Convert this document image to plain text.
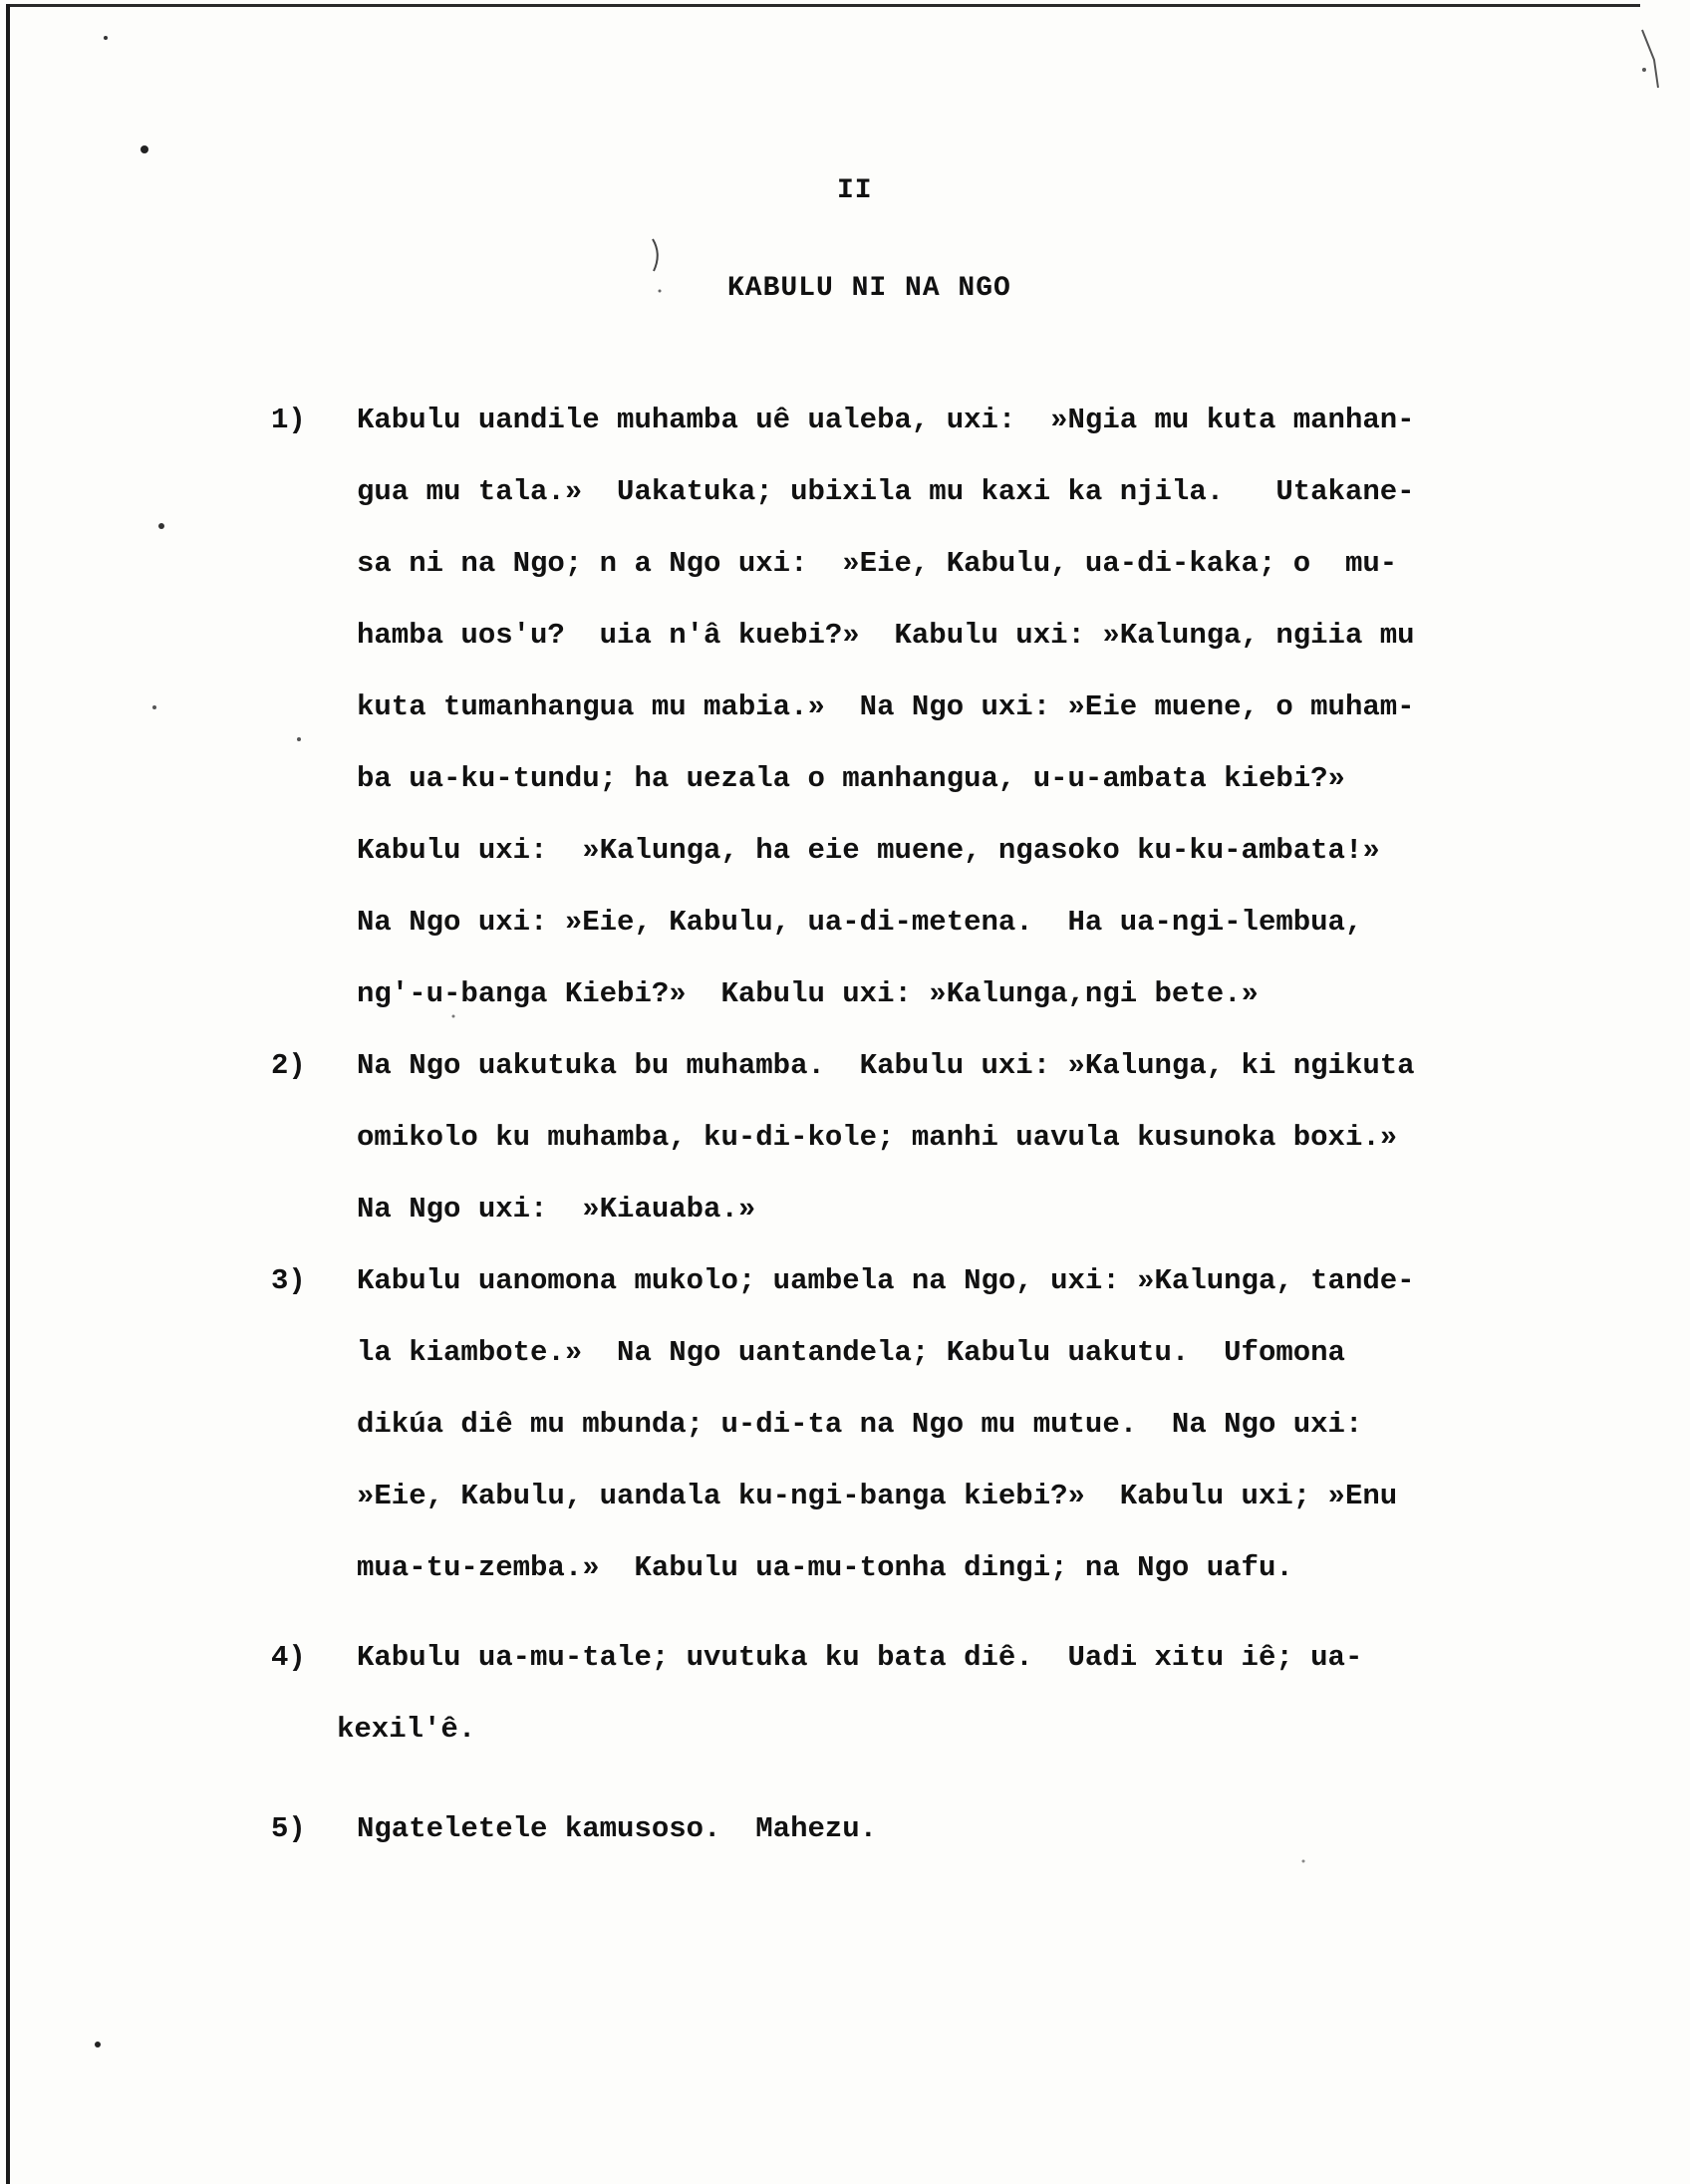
II
KABULU NI NA NGO
1)	Kabulu uandile muhamba uê ualeba, uxi:  »Ngia mu kuta manhan-
gua mu tala.»  Uakatuka; ubixila mu kaxi ka njila.   Utakane-
sa ni na Ngo; n a Ngo uxi:  »Eie, Kabulu, ua-di-kaka; o  mu-
hamba uos'u?  uia n'â kuebi?»  Kabulu uxi: »Kalunga, ngiia mu
kuta tumanhangua mu mabia.»  Na Ngo uxi: »Eie muene, o muham-
ba ua-ku-tundu; ha uezala o manhangua, u-u-ambata kiebi?»
Kabulu uxi:  »Kalunga, ha eie muene, ngasoko ku-ku-ambata!»
Na Ngo uxi: »Eie, Kabulu, ua-di-metena.  Ha ua-ngi-lembua,
ng'-u-banga Kiebi?»  Kabulu uxi: »Kalunga,ngi bete.»
2)	Na Ngo uakutuka bu muhamba.  Kabulu uxi: »Kalunga, ki ngikuta
omikolo ku muhamba, ku-di-kole; manhi uavula kusunoka boxi.»
Na Ngo uxi:  »Kiauaba.»
3)	Kabulu uanomona mukolo; uambela na Ngo, uxi: »Kalunga, tande-
la kiambote.»  Na Ngo uantandela; Kabulu uakutu.  Ufomona
dikúa diê mu mbunda; u-di-ta na Ngo mu mutue.  Na Ngo uxi:
»Eie, Kabulu, uandala ku-ngi-banga kiebi?»  Kabulu uxi; »Enu
mua-tu-zemba.»  Kabulu ua-mu-tonha dingi; na Ngo uafu.
4)	Kabulu ua-mu-tale; uvutuka ku bata diê.  Uadi xitu iê; ua-
kexil'ê.
5)	Ngateletele kamusoso.  Mahezu.
